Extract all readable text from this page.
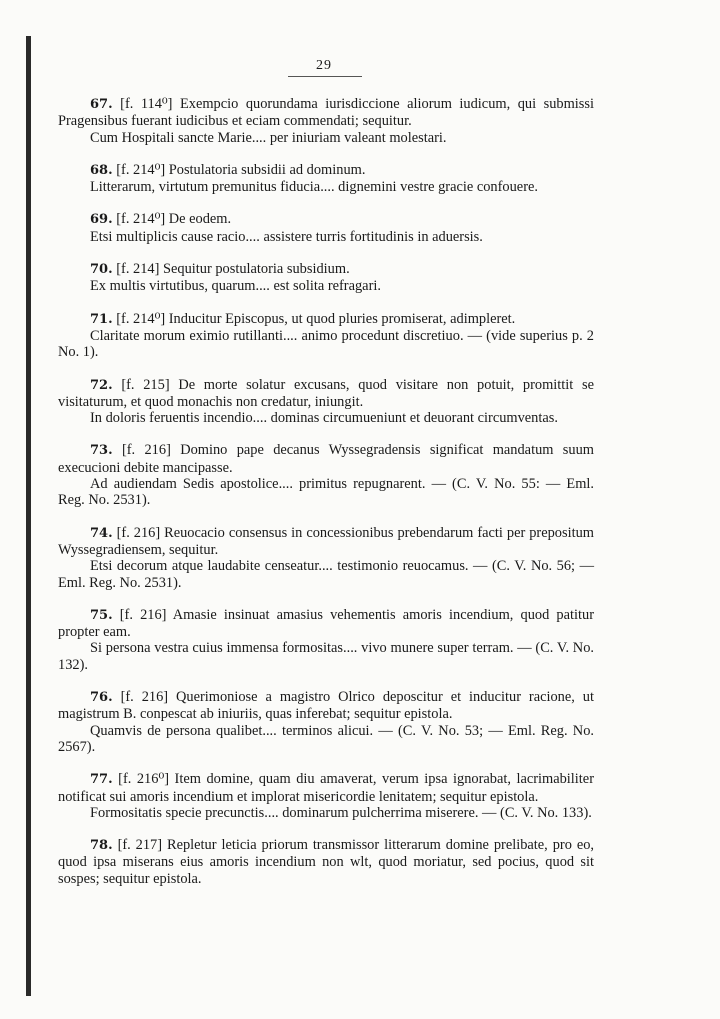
29

67. [f. 114⁰] Exempcio quorundama iurisdiccione aliorum iudicum, qui submissi Pragensibus fuerant iudicibus et eciam commendati; sequitur.

Cum Hospitali sancte Marie.... per iniuriam valeant molestari.

68. [f. 214⁰] Postulatoria subsidii ad dominum.

Litterarum, virtutum premunitus fiducia.... dignemini vestre gracie confouere.

69. [f. 214⁰] De eodem.

Etsi multiplicis cause racio.... assistere turris fortitudinis in aduersis.

70. [f. 214] Sequitur postulatoria subsidium.

Ex multis virtutibus, quarum.... est solita refragari.

71. [f. 214⁰] Inducitur Episcopus, ut quod pluries promiserat, adimpleret.

Claritate morum eximio rutillanti.... animo procedunt discretiuo. — (vide superius p. 2 No. 1).

72. [f. 215] De morte solatur excusans, quod visitare non potuit, promittit se visitaturum, et quod monachis non credatur, iniungit.

In doloris feruentis incendio.... dominas circumueniunt et deuorant circumventas.

73. [f. 216] Domino pape decanus Wyssegradensis significat mandatum suum execucioni debite mancipasse.

Ad audiendam Sedis apostolice.... primitus repugnarent. — (C. V. No. 55: — Eml. Reg. No. 2531).

74. [f. 216] Reuocacio consensus in concessionibus prebendarum facti per prepositum Wyssegradiensem, sequitur.

Etsi decorum atque laudabite censeatur.... testimonio reuocamus. — (C. V. No. 56; — Eml. Reg. No. 2531).

75. [f. 216] Amasie insinuat amasius vehementis amoris incendium, quod patitur propter eam.

Si persona vestra cuius immensa formositas.... vivo munere super terram. — (C. V. No. 132).

76. [f. 216] Querimoniose a magistro Olrico deposcitur et inducitur racione, ut magistrum B. conpescat ab iniuriis, quas inferebat; sequitur epistola.

Quamvis de persona qualibet.... terminos alicui. — (C. V. No. 53; — Eml. Reg. No. 2567).

77. [f. 216⁰] Item domine, quam diu amaverat, verum ipsa ignorabat, lacrimabiliter notificat sui amoris incendium et implorat misericordie lenitatem; sequitur epistola.

Formositatis specie precunctis.... dominarum pulcherrima miserere. — (C. V. No. 133).

78. [f. 217] Repletur leticia priorum transmissor litterarum domine prelibate, pro eo, quod ipsa miserans eius amoris incendium non wlt, quod moriatur, sed pocius, quod sit sospes; sequitur epistola.
